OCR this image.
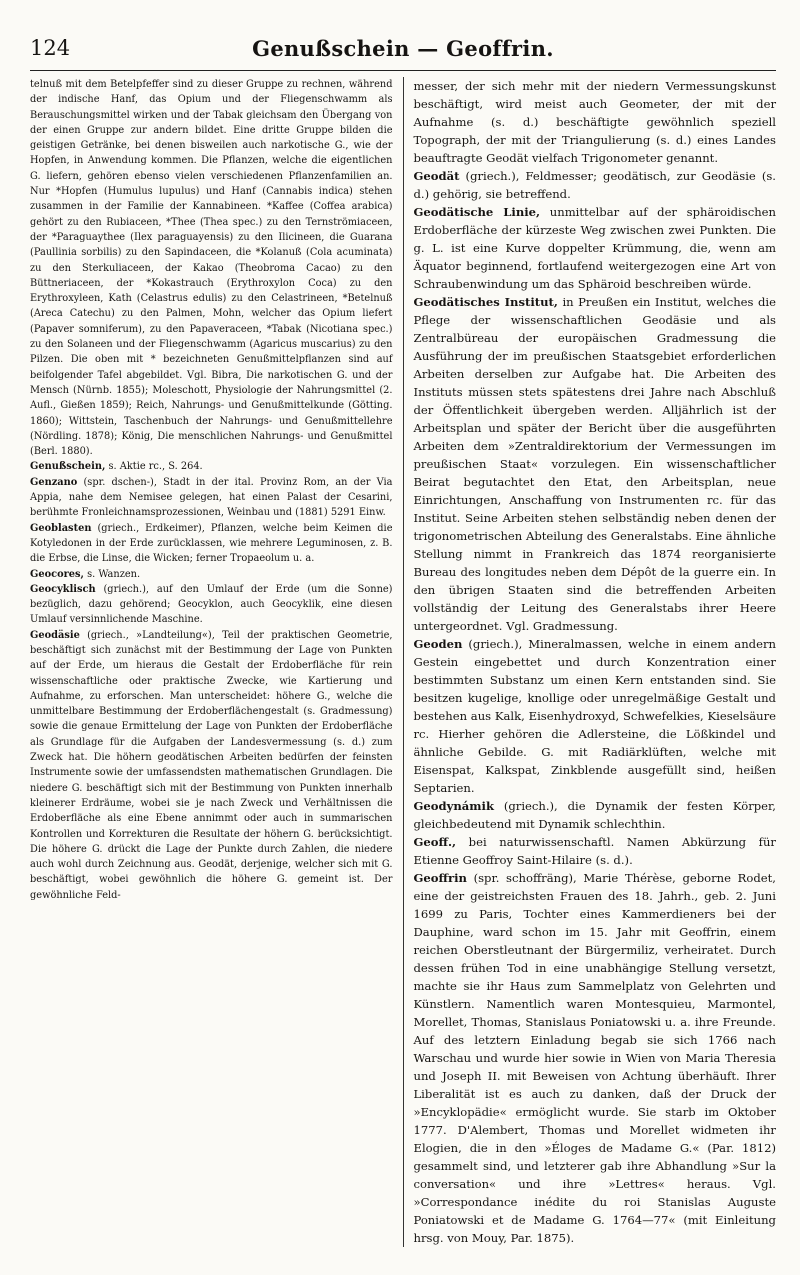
124	Genußschein — Geoffrin.

telnuß mit dem Betelpfeffer sind zu dieser Gruppe zu rechnen, während der indische Hanf, das Opium und der Fliegenschwamm als Berauschungsmittel wirken und der Tabak gleichsam den Übergang von der einen Gruppe zur andern bildet. Eine dritte Gruppe bilden die geistigen Getränke, bei denen bisweilen auch narkotische G., wie der Hopfen, in Anwendung kommen. Die Pflanzen, welche die eigentlichen G. liefern, gehören ebenso vielen verschiedenen Pflanzenfamilien an. Nur *Hopfen (Humulus lupulus) und Hanf (Cannabis indica) stehen zusammen in der Familie der Kannabineen. *Kaffee (Coffea arabica) gehört zu den Rubiaceen, *Thee (Thea spec.) zu den Ternströmiaceen, der *Paraguaythee (Ilex paraguayensis) zu den Ilicineen, die Guarana (Paullinia sorbilis) zu den Sapindaceen, die *Kolanuß (Cola acuminata) zu den Sterkuliaceen, der Kakao (Theobroma Cacao) zu den Büttneriaceen, der *Kokastrauch (Erythroxylon Coca) zu den Erythroxyleen, Kath (Celastrus edulis) zu den Celastrineen, *Betelnuß (Areca Catechu) zu den Palmen, Mohn, welcher das Opium liefert (Papaver somniferum), zu den Papaveraceen, *Tabak (Nicotiana spec.) zu den Solaneen und der Fliegenschwamm (Agaricus muscarius) zu den Pilzen. Die oben mit * bezeichneten Genußmittelpflanzen sind auf beifolgender Tafel abgebildet. Vgl. Bibra, Die narkotischen G. und der Mensch (Nürnb. 1855); Moleschott, Physiologie der Nahrungsmittel (2. Aufl., Gießen 1859); Reich, Nahrungs- und Genußmittelkunde (Götting. 1860); Wittstein, Taschenbuch der Nahrungs- und Genußmittellehre (Nördling. 1878); König, Die menschlichen Nahrungs- und Genußmittel (Berl. 1880).

Genußschein, s. Aktie rc., S. 264.

Genzano (spr. dschen-), Stadt in der ital. Provinz Rom, an der Via Appia, nahe dem Nemisee gelegen, hat einen Palast der Cesarini, berühmte Fronleichnamsprozessionen, Weinbau und (1881) 5291 Einw.

Geoblasten (griech., Erdkeimer), Pflanzen, welche beim Keimen die Kotyledonen in der Erde zurücklassen, wie mehrere Leguminosen, z. B. die Erbse, die Linse, die Wicken; ferner Tropaeolum u. a.

Geocores, s. Wanzen.

Geocyklisch (griech.), auf den Umlauf der Erde (um die Sonne) bezüglich, dazu gehörend; Geocyklon, auch Geocyklik, eine diesen Umlauf versinnlichende Maschine.

Geodäsie (griech., »Landteilung«), Teil der praktischen Geometrie, beschäftigt sich zunächst mit der Bestimmung der Lage von Punkten auf der Erde, um hieraus die Gestalt der Erdoberfläche für rein wissenschaftliche oder praktische Zwecke, wie Kartierung und Aufnahme, zu erforschen. Man unterscheidet: höhere G., welche die unmittelbare Bestimmung der Erdoberflächengestalt (s. Gradmessung) sowie die genaue Ermittelung der Lage von Punkten der Erdoberfläche als Grundlage für die Aufgaben der Landesvermessung (s. d.) zum Zweck hat. Die höhern geodätischen Arbeiten bedürfen der feinsten Instrumente sowie der umfassendsten mathematischen Grundlagen. Die niedere G. beschäftigt sich mit der Bestimmung von Punkten innerhalb kleinerer Erdräume, wobei sie je nach Zweck und Verhältnissen die Erdoberfläche als eine Ebene annimmt oder auch in summarischen Kontrollen und Korrekturen die Resultate der höhern G. berücksichtigt. Die höhere G. drückt die Lage der Punkte durch Zahlen, die niedere auch wohl durch Zeichnung aus. Geodät, derjenige, welcher sich mit G. beschäftigt, wobei gewöhnlich die höhere G. gemeint ist. Der gewöhnliche Feld-

messer, der sich mehr mit der niedern Vermessungskunst beschäftigt, wird meist auch Geometer, der mit der Aufnahme (s. d.) beschäftigte gewöhnlich speziell Topograph, der mit der Triangulierung (s. d.) eines Landes beauftragte Geodät vielfach Trigonometer genannt.

Geodät (griech.), Feldmesser; geodätisch, zur Geodäsie (s. d.) gehörig, sie betreffend.

Geodätische Linie, unmittelbar auf der sphäroidischen Erdoberfläche der kürzeste Weg zwischen zwei Punkten. Die g. L. ist eine Kurve doppelter Krümmung, die, wenn am Äquator beginnend, fortlaufend weitergezogen eine Art von Schraubenwindung um das Sphäroid beschreiben würde.

Geodätisches Institut, in Preußen ein Institut, welches die Pflege der wissenschaftlichen Geodäsie und als Zentralbüreau der europäischen Gradmessung die Ausführung der im preußischen Staatsgebiet erforderlichen Arbeiten derselben zur Aufgabe hat. Die Arbeiten des Instituts müssen stets spätestens drei Jahre nach Abschluß der Öffentlichkeit übergeben werden. Alljährlich ist der Arbeitsplan und später der Bericht über die ausgeführten Arbeiten dem »Zentraldirektorium der Vermessungen im preußischen Staat« vorzulegen. Ein wissenschaftlicher Beirat begutachtet den Etat, den Arbeitsplan, neue Einrichtungen, Anschaffung von Instrumenten rc. für das Institut. Seine Arbeiten stehen selbständig neben denen der trigonometrischen Abteilung des Generalstabs. Eine ähnliche Stellung nimmt in Frankreich das 1874 reorganisierte Bureau des longitudes neben dem Dépôt de la guerre ein. In den übrigen Staaten sind die betreffenden Arbeiten vollständig der Leitung des Generalstabs ihrer Heere untergeordnet. Vgl. Gradmessung.

Geoden (griech.), Mineralmassen, welche in einem andern Gestein eingebettet und durch Konzentration einer bestimmten Substanz um einen Kern entstanden sind. Sie besitzen kugelige, knollige oder unregelmäßige Gestalt und bestehen aus Kalk, Eisenhydroxyd, Schwefelkies, Kieselsäure rc. Hierher gehören die Adlersteine, die Lößkindel und ähnliche Gebilde. G. mit Radiärklüften, welche mit Eisenspat, Kalkspat, Zinkblende ausgefüllt sind, heißen Septarien.

Geodynámik (griech.), die Dynamik der festen Körper, gleichbedeutend mit Dynamik schlechthin.

Geoff., bei naturwissenschaftl. Namen Abkürzung für Etienne Geoffroy Saint-Hilaire (s. d.).

Geoffrin (spr. schoffräng), Marie Thérèse, geborne Rodet, eine der geistreichsten Frauen des 18. Jahrh., geb. 2. Juni 1699 zu Paris, Tochter eines Kammerdieners bei der Dauphine, ward schon im 15. Jahr mit Geoffrin, einem reichen Oberstleutnant der Bürgermiliz, verheiratet. Durch dessen frühen Tod in eine unabhängige Stellung versetzt, machte sie ihr Haus zum Sammelplatz von Gelehrten und Künstlern. Namentlich waren Montesquieu, Marmontel, Morellet, Thomas, Stanislaus Poniatowski u. a. ihre Freunde. Auf des letztern Einladung begab sie sich 1766 nach Warschau und wurde hier sowie in Wien von Maria Theresia und Joseph II. mit Beweisen von Achtung überhäuft. Ihrer Liberalität ist es auch zu danken, daß der Druck der »Encyklopädie« ermöglicht wurde. Sie starb im Oktober 1777. D'Alembert, Thomas und Morellet widmeten ihr Elogien, die in den »Éloges de Madame G.« (Par. 1812) gesammelt sind, und letzterer gab ihre Abhandlung »Sur la conversation« und ihre »Lettres« heraus. Vgl. »Correspondance inédite du roi Stanislas Auguste Poniatowski et de Madame G. 1764—77« (mit Einleitung hrsg. von Mouy, Par. 1875).
